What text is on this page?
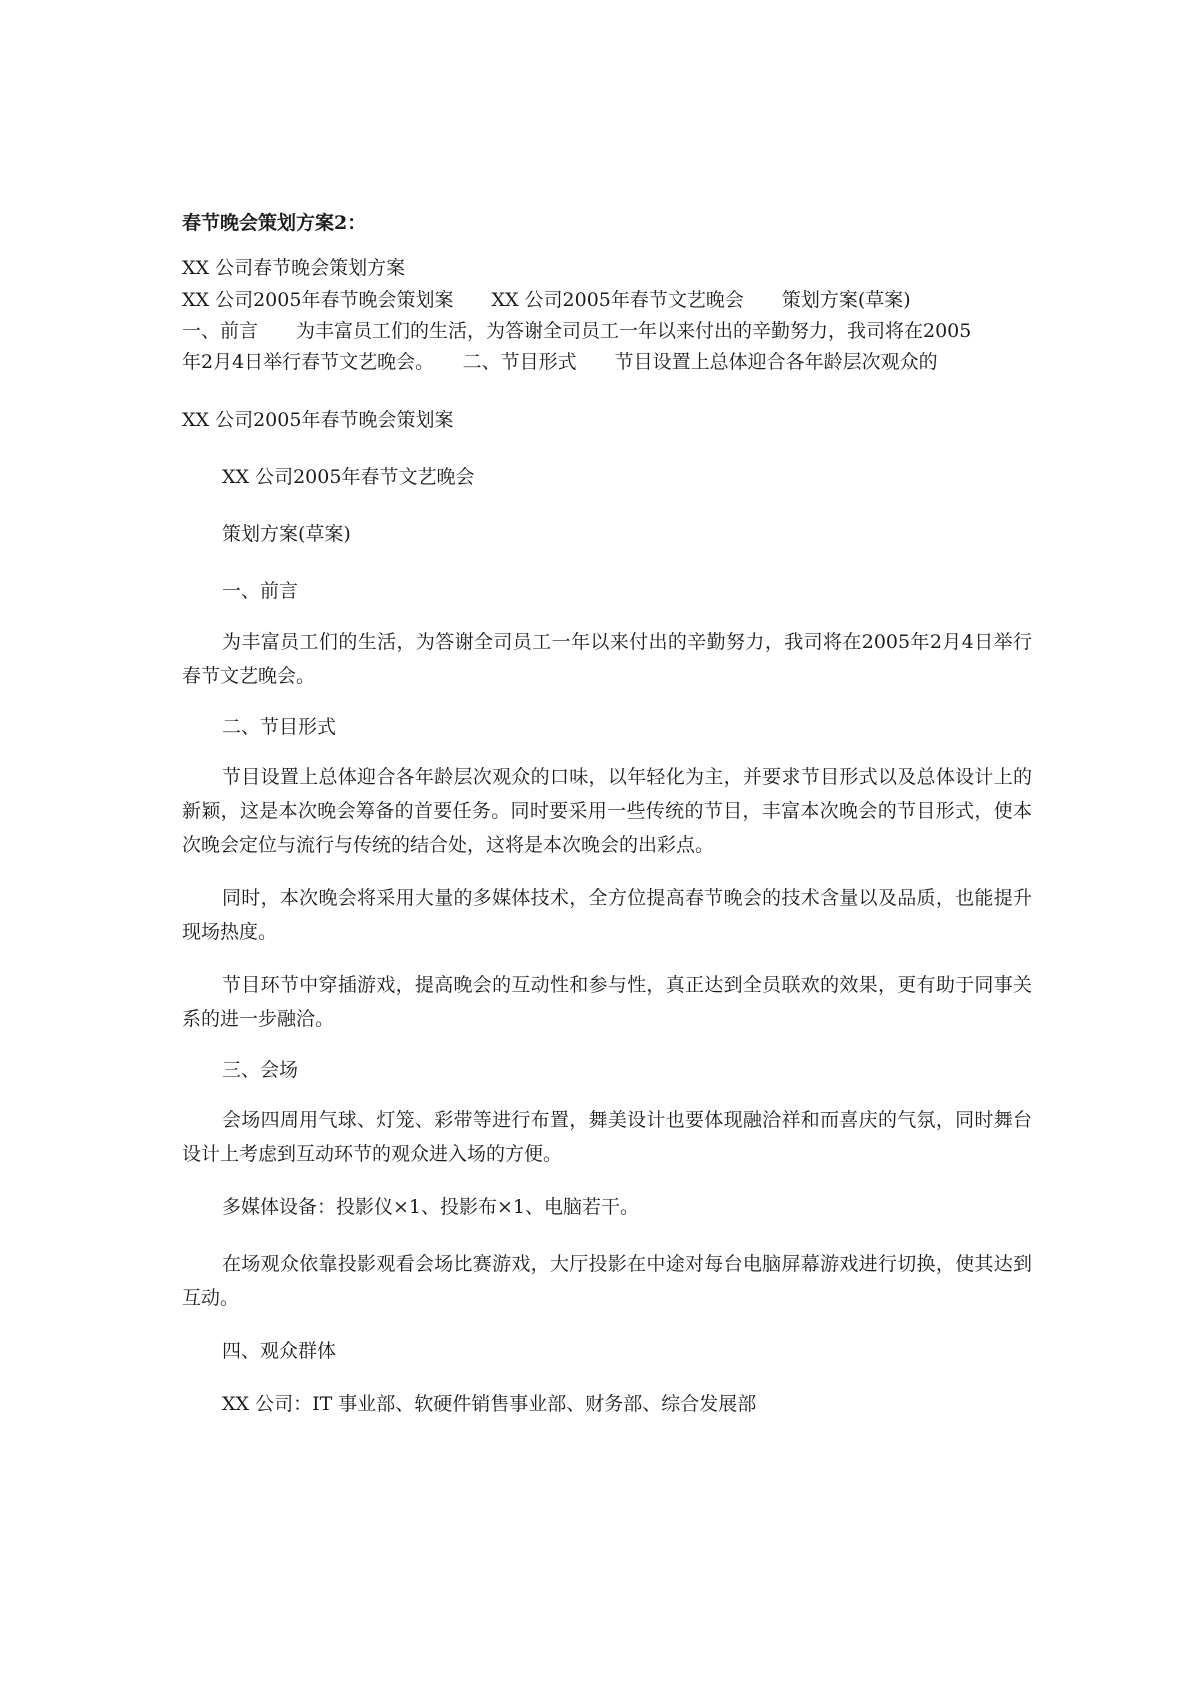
春节晚会策划方案2：
XX 公司春节晚会策划方案
XX 公司2005年春节晚会策划案　　XX 公司2005年春节文艺晚会　　策划方案(草案)
一、前言　　为丰富员工们的生活，为答谢全司员工一年以来付出的辛勤努力，我司将在2005
年2月4日举行春节文艺晚会。　　二、节目形式　　节目设置上总体迎合各年龄层次观众的
XX 公司2005年春节晚会策划案
XX 公司2005年春节文艺晚会
策划方案(草案)
一、前言
为丰富员工们的生活，为答谢全司员工一年以来付出的辛勤努力，我司将在2005年2月4日举行春节文艺晚会。
二、节目形式
节目设置上总体迎合各年龄层次观众的口味，以年轻化为主，并要求节目形式以及总体设计上的新颖，这是本次晚会筹备的首要任务。同时要采用一些传统的节目，丰富本次晚会的节目形式，使本次晚会定位与流行与传统的结合处，这将是本次晚会的出彩点。
同时，本次晚会将采用大量的多媒体技术，全方位提高春节晚会的技术含量以及品质，也能提升现场热度。
节目环节中穿插游戏，提高晚会的互动性和参与性，真正达到全员联欢的效果，更有助于同事关系的进一步融洽。
三、会场
会场四周用气球、灯笼、彩带等进行布置，舞美设计也要体现融洽祥和而喜庆的气氛，同时舞台设计上考虑到互动环节的观众进入场的方便。
多媒体设备：投影仪×1、投影布×1、电脑若干。
在场观众依靠投影观看会场比赛游戏，大厅投影在中途对每台电脑屏幕游戏进行切换，使其达到互动。
四、观众群体
XX 公司：IT 事业部、软硬件销售事业部、财务部、综合发展部
